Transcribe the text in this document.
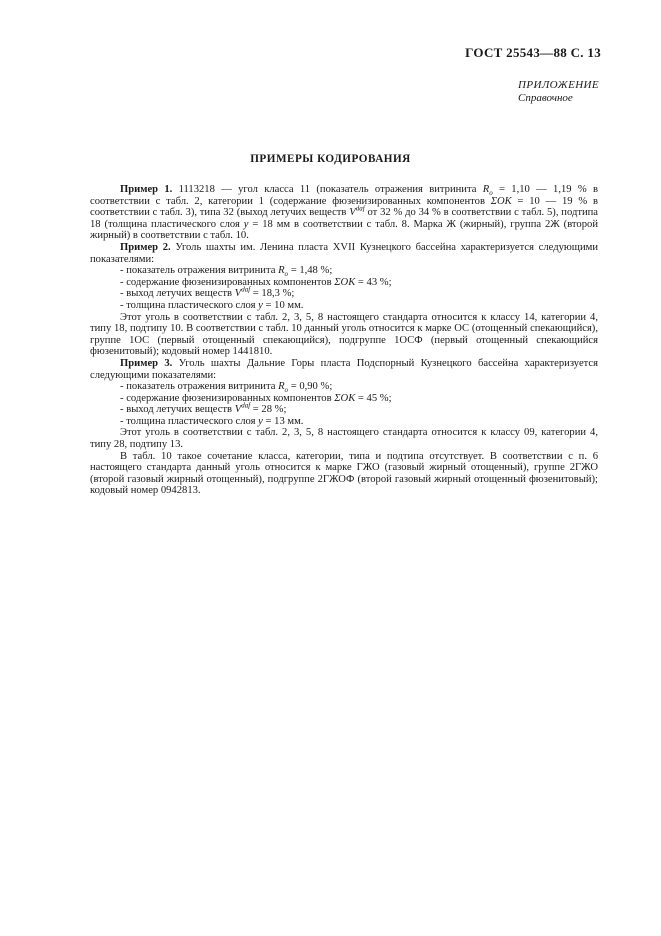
ГОСТ 25543—88 С. 13
ПРИЛОЖЕНИЕ
Справочное
ПРИМЕРЫ КОДИРОВАНИЯ

Пример 1. 1113218 — угол класса 11 (показатель отражения витринита $R_o = 1,10$ — 1,19 % в соответствии с табл. 2, категории 1 (содержание фюзенизированных компонентов ΣOK = 10 — 19 % в соответствии с табл. 3), типа 32 (выход летучих веществ $V^{daf}$ от 32 % до 34 % в соответствии с табл. 5), подтипа 18 (толщина пластического слоя y = 18 мм в соответствии с табл. 8. Марка Ж (жирный), группа 2Ж (второй жирный) в соответствии с табл. 10.

Пример 2. Уголь шахты им. Ленина пласта XVII Кузнецкого бассейна характеризуется следующими показателями:

- показатель отражения витринита $R_o = 1,48$ %;

- содержание фюзенизированных компонентов ΣOK = 43 %;

- выход летучих веществ $V^{daf} = 18,3$ %;

- толщина пластического слоя y = 10 мм.

Этот уголь в соответствии с табл. 2, 3, 5, 8 настоящего стандарта относится к классу 14, категории 4, типу 18, подтипу 10. В соответствии с табл. 10 данный уголь относится к марке ОС (отощенный спекающийся), группе 1ОС (первый отощенный спекающийся), подгруппе 1ОСФ (первый отощенный спекающийся фюзенитовый); кодовый номер 1441810.

Пример 3. Уголь шахты Дальние Горы пласта Подспорный Кузнецкого бассейна характеризуется следующими показателями:

- показатель отражения витринита $R_o = 0,90$ %;

- содержание фюзенизированных компонентов ΣOK = 45 %;

- выход летучих веществ $V^{daf} = 28$ %;

- толщина пластического слоя y = 13 мм.

Этот уголь в соответствии с табл. 2, 3, 5, 8 настоящего стандарта относится к классу 09, категории 4, типу 28, подтипу 13.

В табл. 10 такое сочетание класса, категории, типа и подтипа отсутствует. В соответствии с п. 6 настоящего стандарта данный уголь относится к марке ГЖО (газовый жирный отощенный), группе 2ГЖО (второй газовый жирный отощенный), подгруппе 2ГЖОФ (второй газовый жирный отощенный фюзенитовый); кодовый номер 0942813.
